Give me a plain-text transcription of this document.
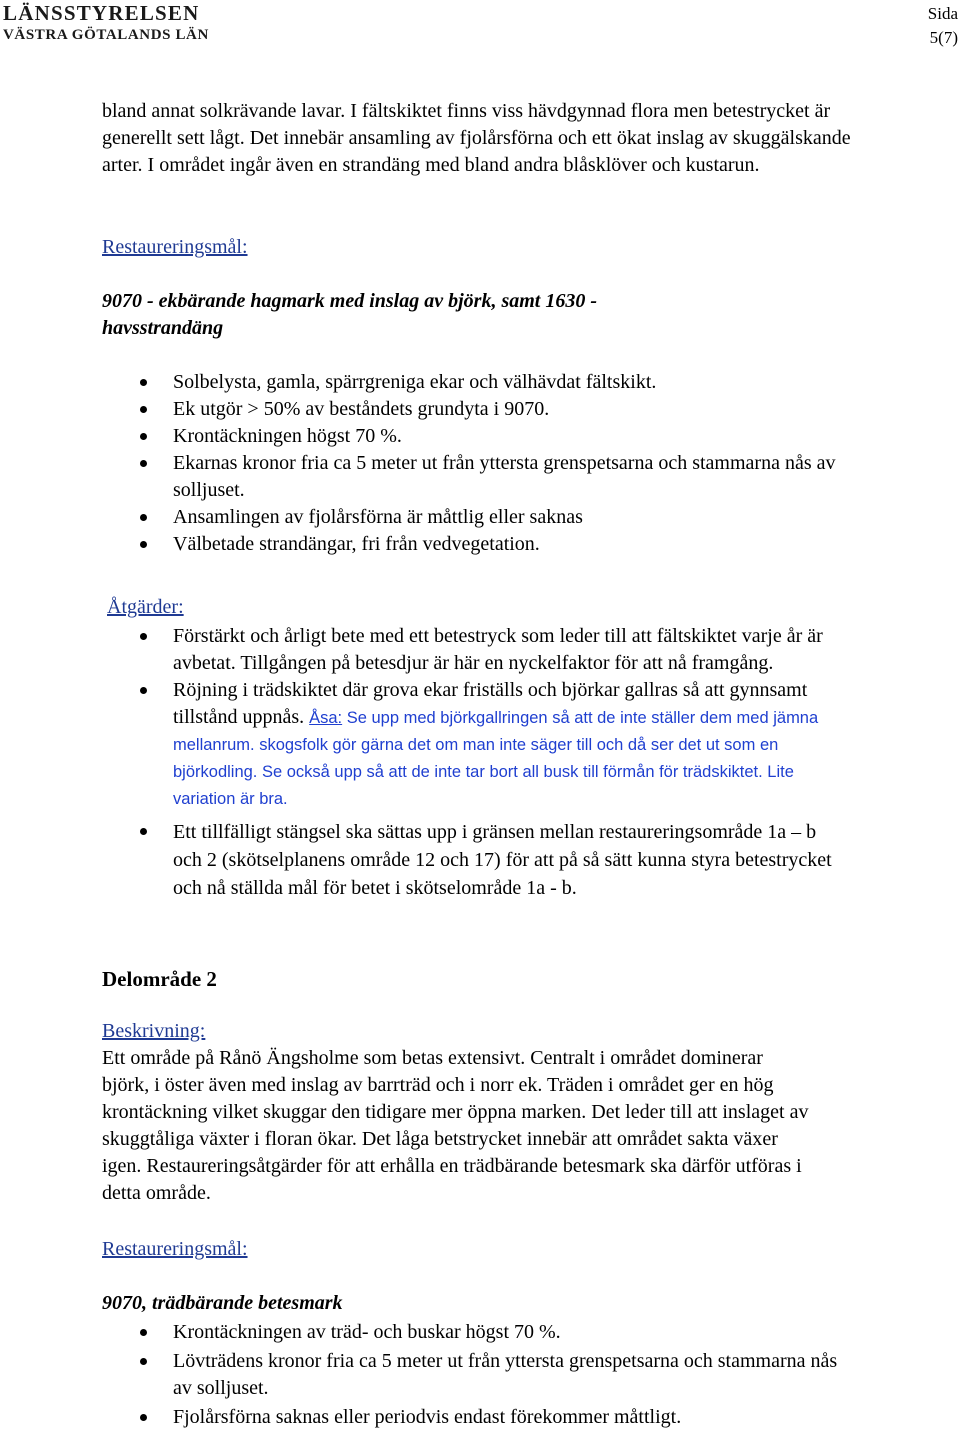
LÄNSSTYRELSEN
VÄSTRA GÖTALANDS LÄN
Sida
5(7)
bland annat solkrävande lavar. I fältskiktet finns viss hävdgynnad flora men betestrycket är generellt sett lågt. Det innebär ansamling av fjolårsförna och ett ökat inslag av skuggälskande arter. I området ingår även en strandäng med bland andra blåsklöver och kustarun.
Restaureringsmål:
9070 - ekbärande hagmark med inslag av björk, samt 1630 - havsstrandäng
Solbelysta, gamla, spärrgreniga ekar och välhävdat fältskikt.
Ek utgör > 50% av beståndets grundyta i 9070.
Krontäckningen högst 70 %.
Ekarnas kronor fria ca 5 meter ut från yttersta grenspetsarna och stammarna nås av solljuset.
Ansamlingen av fjolårsförna är måttlig eller saknas
Välbetade strandängar, fri från vedvegetation.
Åtgärder:
Förstärkt och årligt bete med ett betestryck som leder till att fältskiktet varje år är avbetat. Tillgången på betesdjur är här en nyckelfaktor för att nå framgång.
Röjning i trädskiktet där grova ekar friställs och björkar gallras så att gynnsamt tillstånd uppnås. Åsa: Se upp med björkgallringen så att de inte ställer dem med jämna mellanrum. skogsfolk gör gärna det om man inte säger till och då ser det ut som en björkodling. Se också upp så att de inte tar bort all busk till förmån för trädskiktet. Lite variation är bra.
Ett tillfälligt stängsel ska sättas upp i gränsen mellan restaureringsområde 1a – b och 2 (skötselplanens område 12 och 17) för att på så sätt kunna styra betestrycket och nå ställda mål för betet i skötselområde 1a - b.
Delområde 2
Beskrivning:
Ett område på Rånö Ängsholme som betas extensivt. Centralt i området dominerar björk, i öster även med inslag av barrträd och i norr ek. Träden i området ger en hög krontäckning vilket skuggar den tidigare mer öppna marken. Det leder till att inslaget av skuggtåliga växter i floran ökar. Det låga betstrycket innebär att området sakta växer igen. Restaureringsåtgärder för att erhålla en trädbärande betesmark ska därför utföras i detta område.
Restaureringsmål:
9070, trädbärande betesmark
Krontäckningen av träd- och buskar högst 70 %.
Lövträdens kronor fria ca 5 meter ut från yttersta grenspetsarna och stammarna nås av solljuset.
Fjolårsförna saknas eller periodvis endast förekommer måttligt.
